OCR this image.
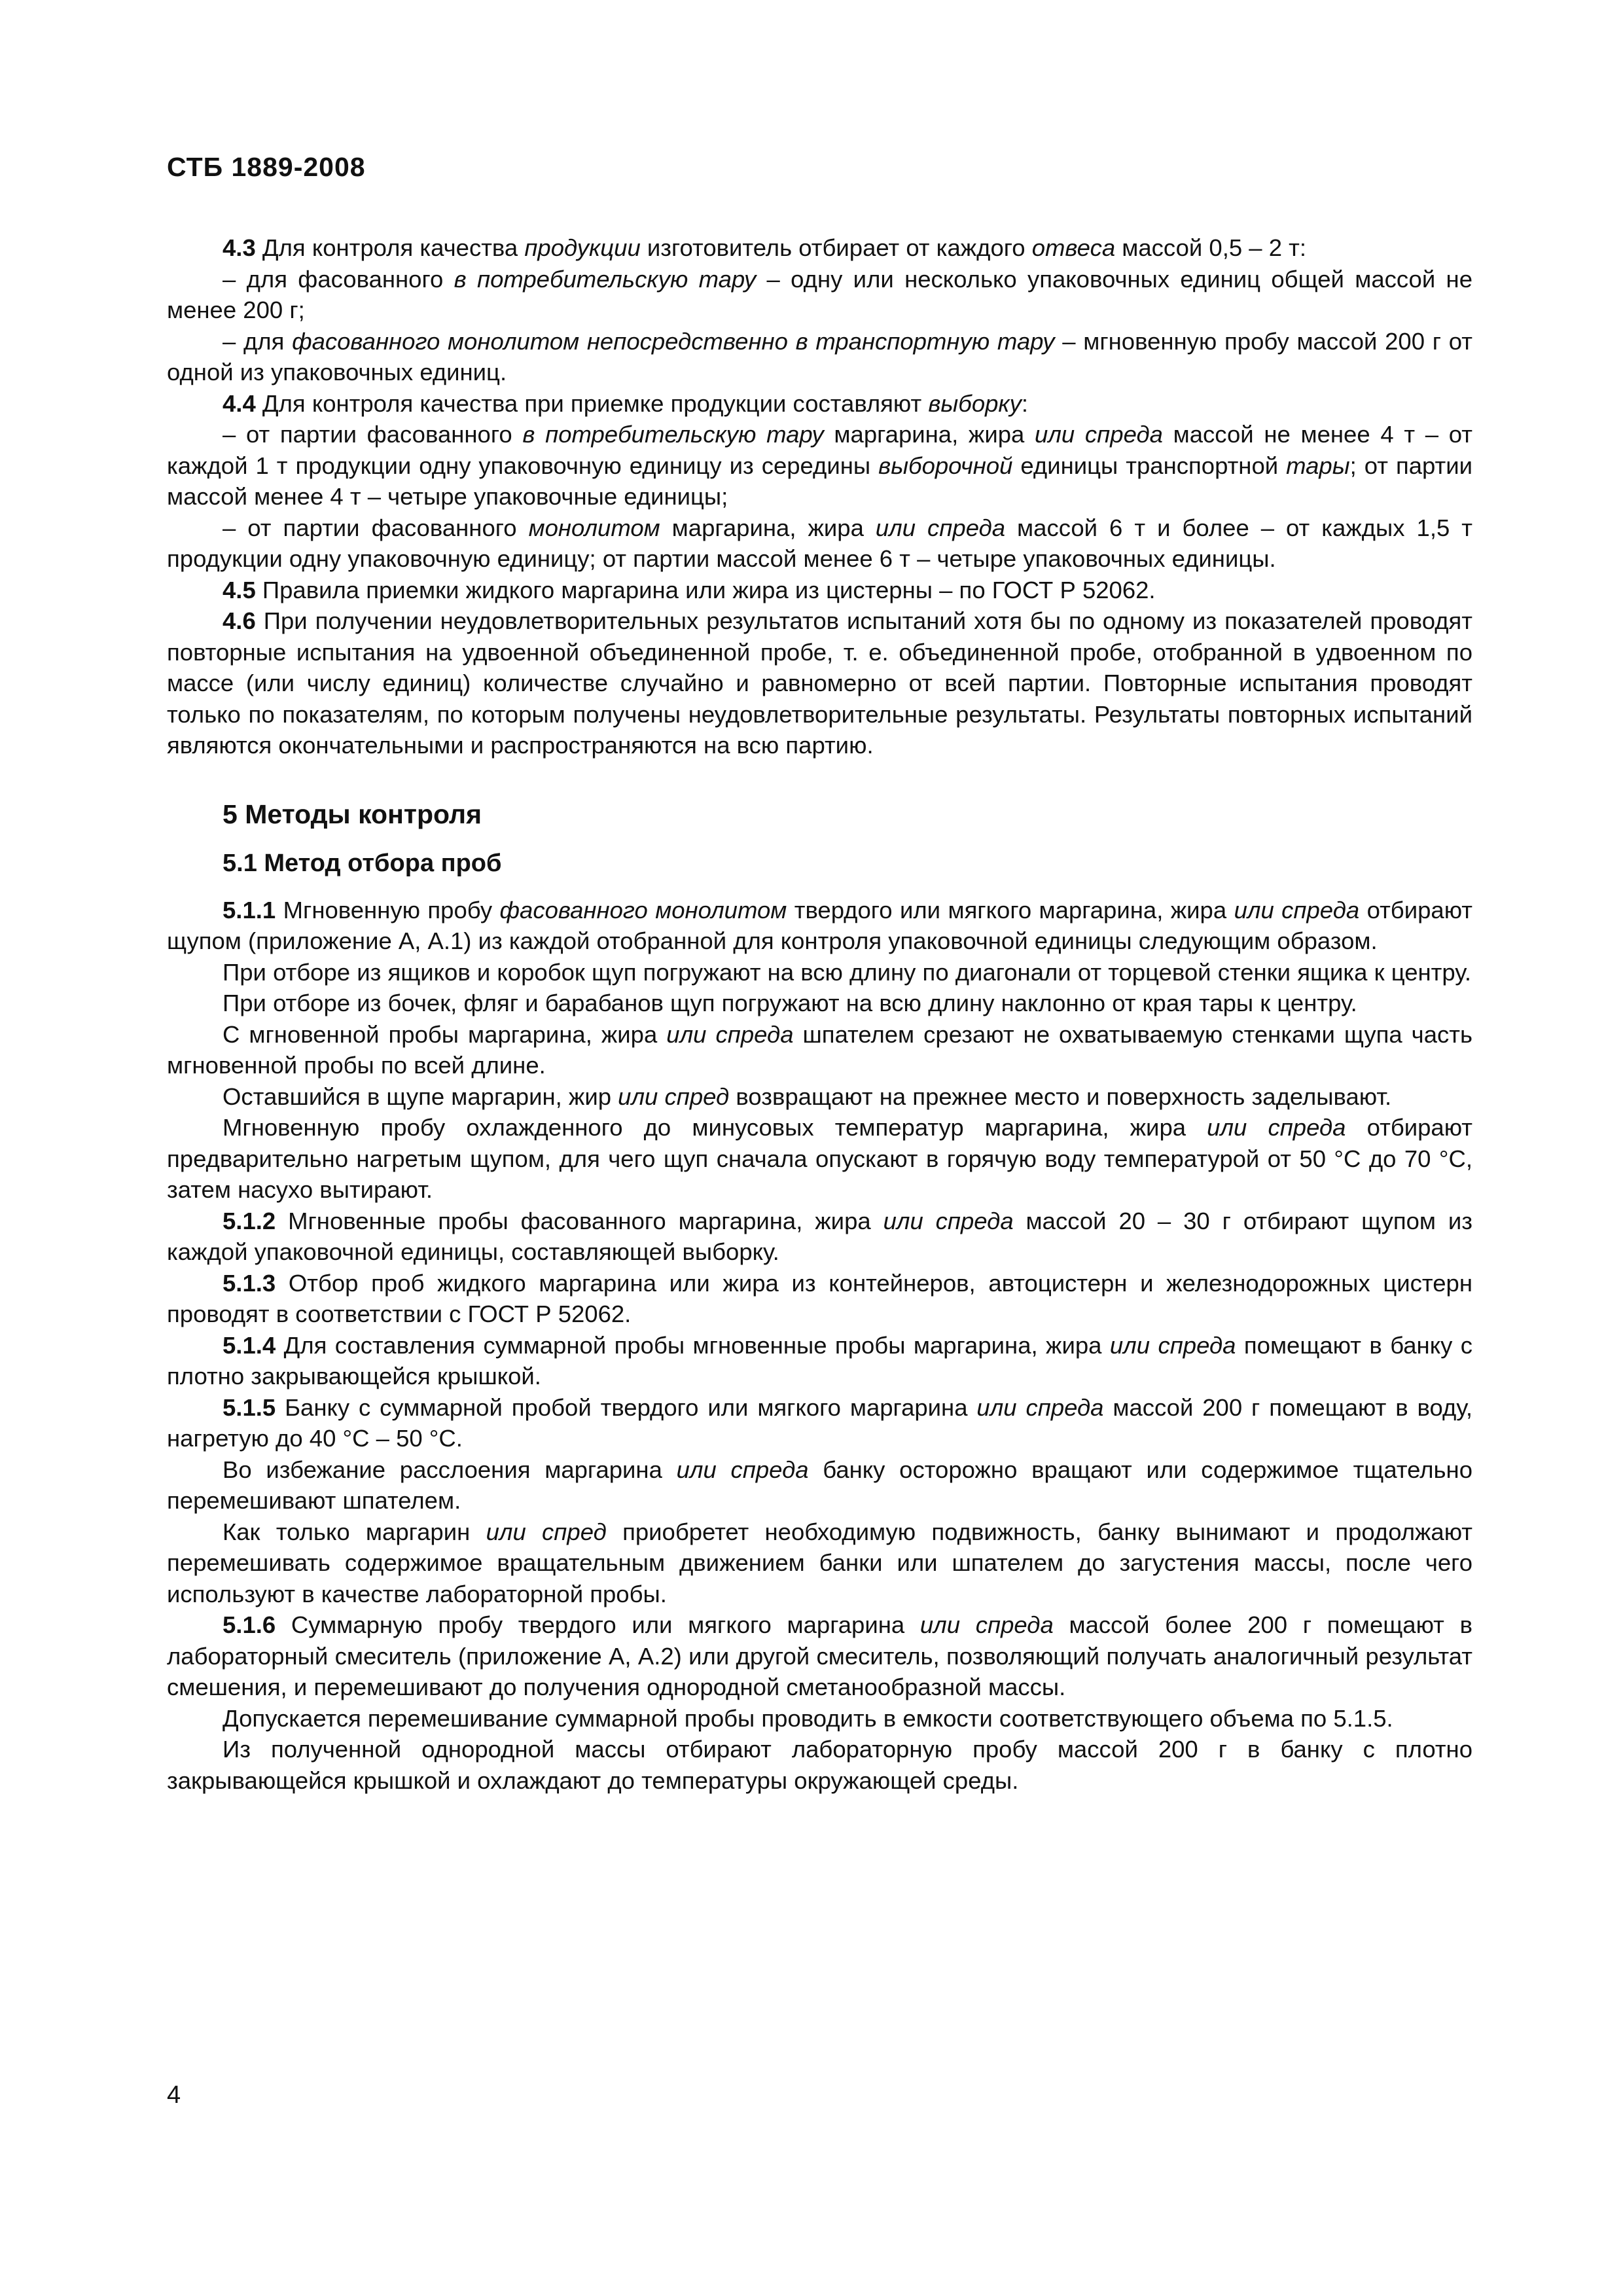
СТБ 1889-2008

4.3 Для контроля качества продукции изготовитель отбирает от каждого отвеса массой 0,5 – 2 т:

– для фасованного в потребительскую тару – одну или несколько упаковочных единиц общей массой не менее 200 г;

– для фасованного монолитом непосредственно в транспортную тару – мгновенную пробу массой 200 г от одной из упаковочных единиц.

4.4 Для контроля качества при приемке продукции составляют выборку:

– от партии фасованного в потребительскую тару маргарина, жира или спреда массой не менее 4 т – от каждой 1 т продукции одну упаковочную единицу из середины выборочной единицы транспортной тары; от партии массой менее 4 т – четыре упаковочные единицы;

– от партии фасованного монолитом маргарина, жира или спреда массой 6 т и более – от каждых 1,5 т продукции одну упаковочную единицу; от партии массой менее 6 т – четыре упаковочных единицы.

4.5 Правила приемки жидкого маргарина или жира из цистерны – по ГОСТ Р 52062.

4.6 При получении неудовлетворительных результатов испытаний хотя бы по одному из показателей проводят повторные испытания на удвоенной объединенной пробе, т. е. объединенной пробе, отобранной в удвоенном по массе (или числу единиц) количестве случайно и равномерно от всей партии. Повторные испытания проводят только по показателям, по которым получены неудовлетворительные результаты. Результаты повторных испытаний являются окончательными и распространяются на всю партию.

5 Методы контроля
5.1 Метод отбора проб

5.1.1 Мгновенную пробу фасованного монолитом твердого или мягкого маргарина, жира или спреда отбирают щупом (приложение А, А.1) из каждой отобранной для контроля упаковочной единицы следующим образом.

При отборе из ящиков и коробок щуп погружают на всю длину по диагонали от торцевой стенки ящика к центру.

При отборе из бочек, фляг и барабанов щуп погружают на всю длину наклонно от края тары к центру.

С мгновенной пробы маргарина, жира или спреда шпателем срезают не охватываемую стенками щупа часть мгновенной пробы по всей длине.

Оставшийся в щупе маргарин, жир или спред возвращают на прежнее место и поверхность заделывают.

Мгновенную пробу охлажденного до минусовых температур маргарина, жира или спреда отбирают предварительно нагретым щупом, для чего щуп сначала опускают в горячую воду температурой от 50 °С до 70 °С, затем насухо вытирают.

5.1.2 Мгновенные пробы фасованного маргарина, жира или спреда массой 20 – 30 г отбирают щупом из каждой упаковочной единицы, составляющей выборку.

5.1.3 Отбор проб жидкого маргарина или жира из контейнеров, автоцистерн и железнодорожных цистерн проводят в соответствии с ГОСТ Р 52062.

5.1.4 Для составления суммарной пробы мгновенные пробы маргарина, жира или спреда помещают в банку с плотно закрывающейся крышкой.

5.1.5 Банку с суммарной пробой твердого или мягкого маргарина или спреда массой 200 г помещают в воду, нагретую до 40 °С – 50 °С.

Во избежание расслоения маргарина или спреда банку осторожно вращают или содержимое тщательно перемешивают шпателем.

Как только маргарин или спред приобретет необходимую подвижность, банку вынимают и продолжают перемешивать содержимое вращательным движением банки или шпателем до загустения массы, после чего используют в качестве лабораторной пробы.

5.1.6 Суммарную пробу твердого или мягкого маргарина или спреда массой более 200 г помещают в лабораторный смеситель (приложение А, А.2) или другой смеситель, позволяющий получать аналогичный результат смешения, и перемешивают до получения однородной сметанообразной массы.

Допускается перемешивание суммарной пробы проводить в емкости соответствующего объема по 5.1.5.

Из полученной однородной массы отбирают лабораторную пробу массой 200 г в банку с плотно закрывающейся крышкой и охлаждают до температуры окружающей среды.

4
